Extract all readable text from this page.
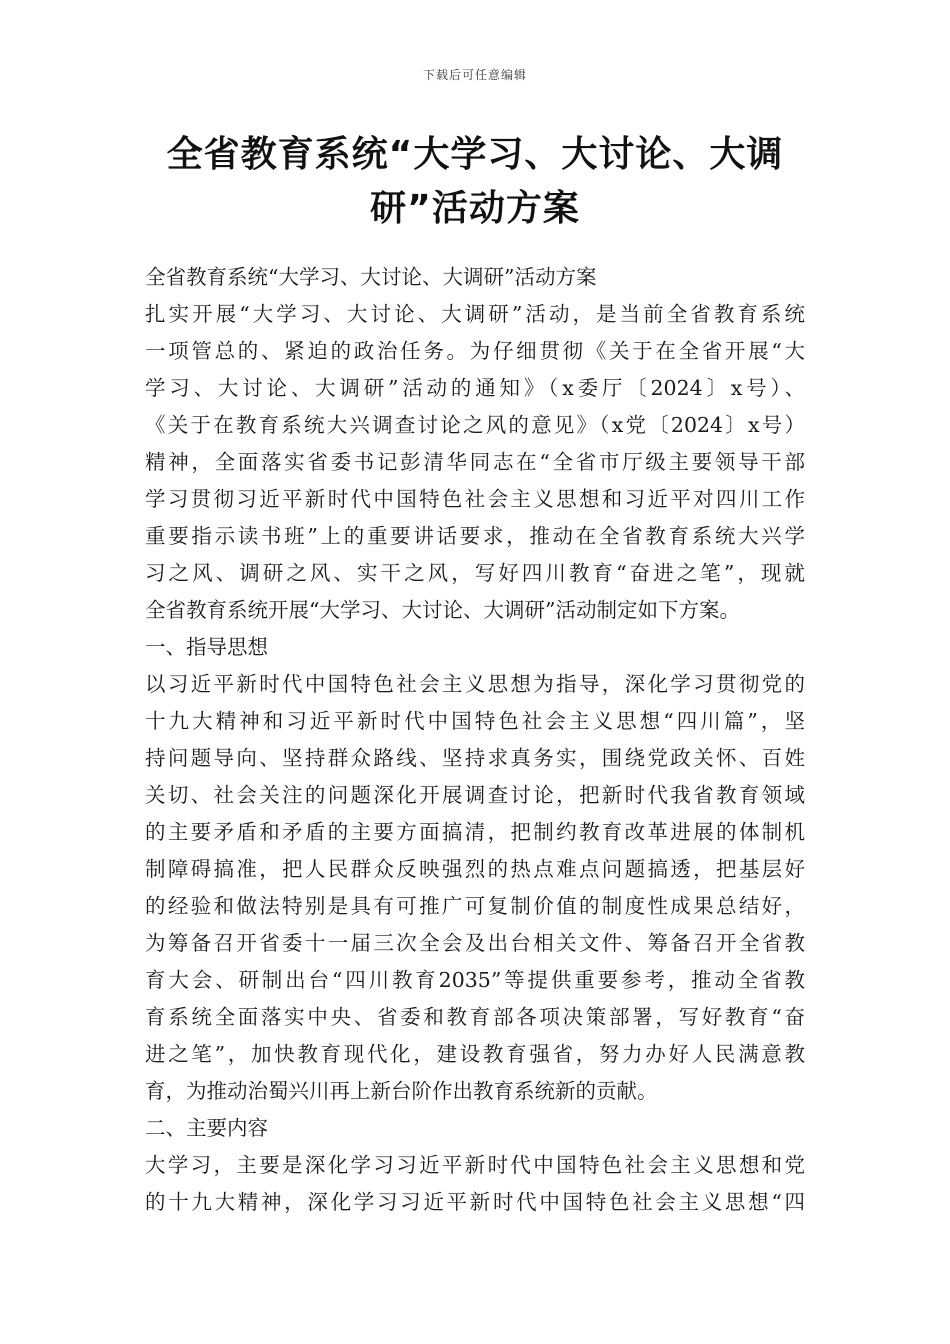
下载后可任意编辑
全省教育系统“大学习、大讨论、大调
研”活动方案
全省教育系统“大学习、大讨论、大调研”活动方案
扎实开展“大学习、大讨论、大调研”活动，是当前全省教育系统
一项管总的、紧迫的政治任务。为仔细贯彻《关于在全省开展“大
学习、大讨论、大调研”活动的通知》（x委厅〔2024〕x号）、
《关于在教育系统大兴调查讨论之风的意见》（x党〔2024〕x号）
精神，全面落实省委书记彭清华同志在“全省市厅级主要领导干部
学习贯彻习近平新时代中国特色社会主义思想和习近平对四川工作
重要指示读书班”上的重要讲话要求，推动在全省教育系统大兴学
习之风、调研之风、实干之风，写好四川教育“奋进之笔”，现就
全省教育系统开展“大学习、大讨论、大调研”活动制定如下方案。
一、指导思想
以习近平新时代中国特色社会主义思想为指导，深化学习贯彻党的
十九大精神和习近平新时代中国特色社会主义思想“四川篇”，坚
持问题导向、坚持群众路线、坚持求真务实，围绕党政关怀、百姓
关切、社会关注的问题深化开展调查讨论，把新时代我省教育领域
的主要矛盾和矛盾的主要方面搞清，把制约教育改革进展的体制机
制障碍搞准，把人民群众反映强烈的热点难点问题搞透，把基层好
的经验和做法特别是具有可推广可复制价值的制度性成果总结好，
为筹备召开省委十一届三次全会及出台相关文件、筹备召开全省教
育大会、研制出台“四川教育2035”等提供重要参考，推动全省教
育系统全面落实中央、省委和教育部各项决策部署，写好教育“奋
进之笔”，加快教育现代化，建设教育强省，努力办好人民满意教
育，为推动治蜀兴川再上新台阶作出教育系统新的贡献。
二、主要内容
大学习，主要是深化学习习近平新时代中国特色社会主义思想和党
的十九大精神，深化学习习近平新时代中国特色社会主义思想“四
